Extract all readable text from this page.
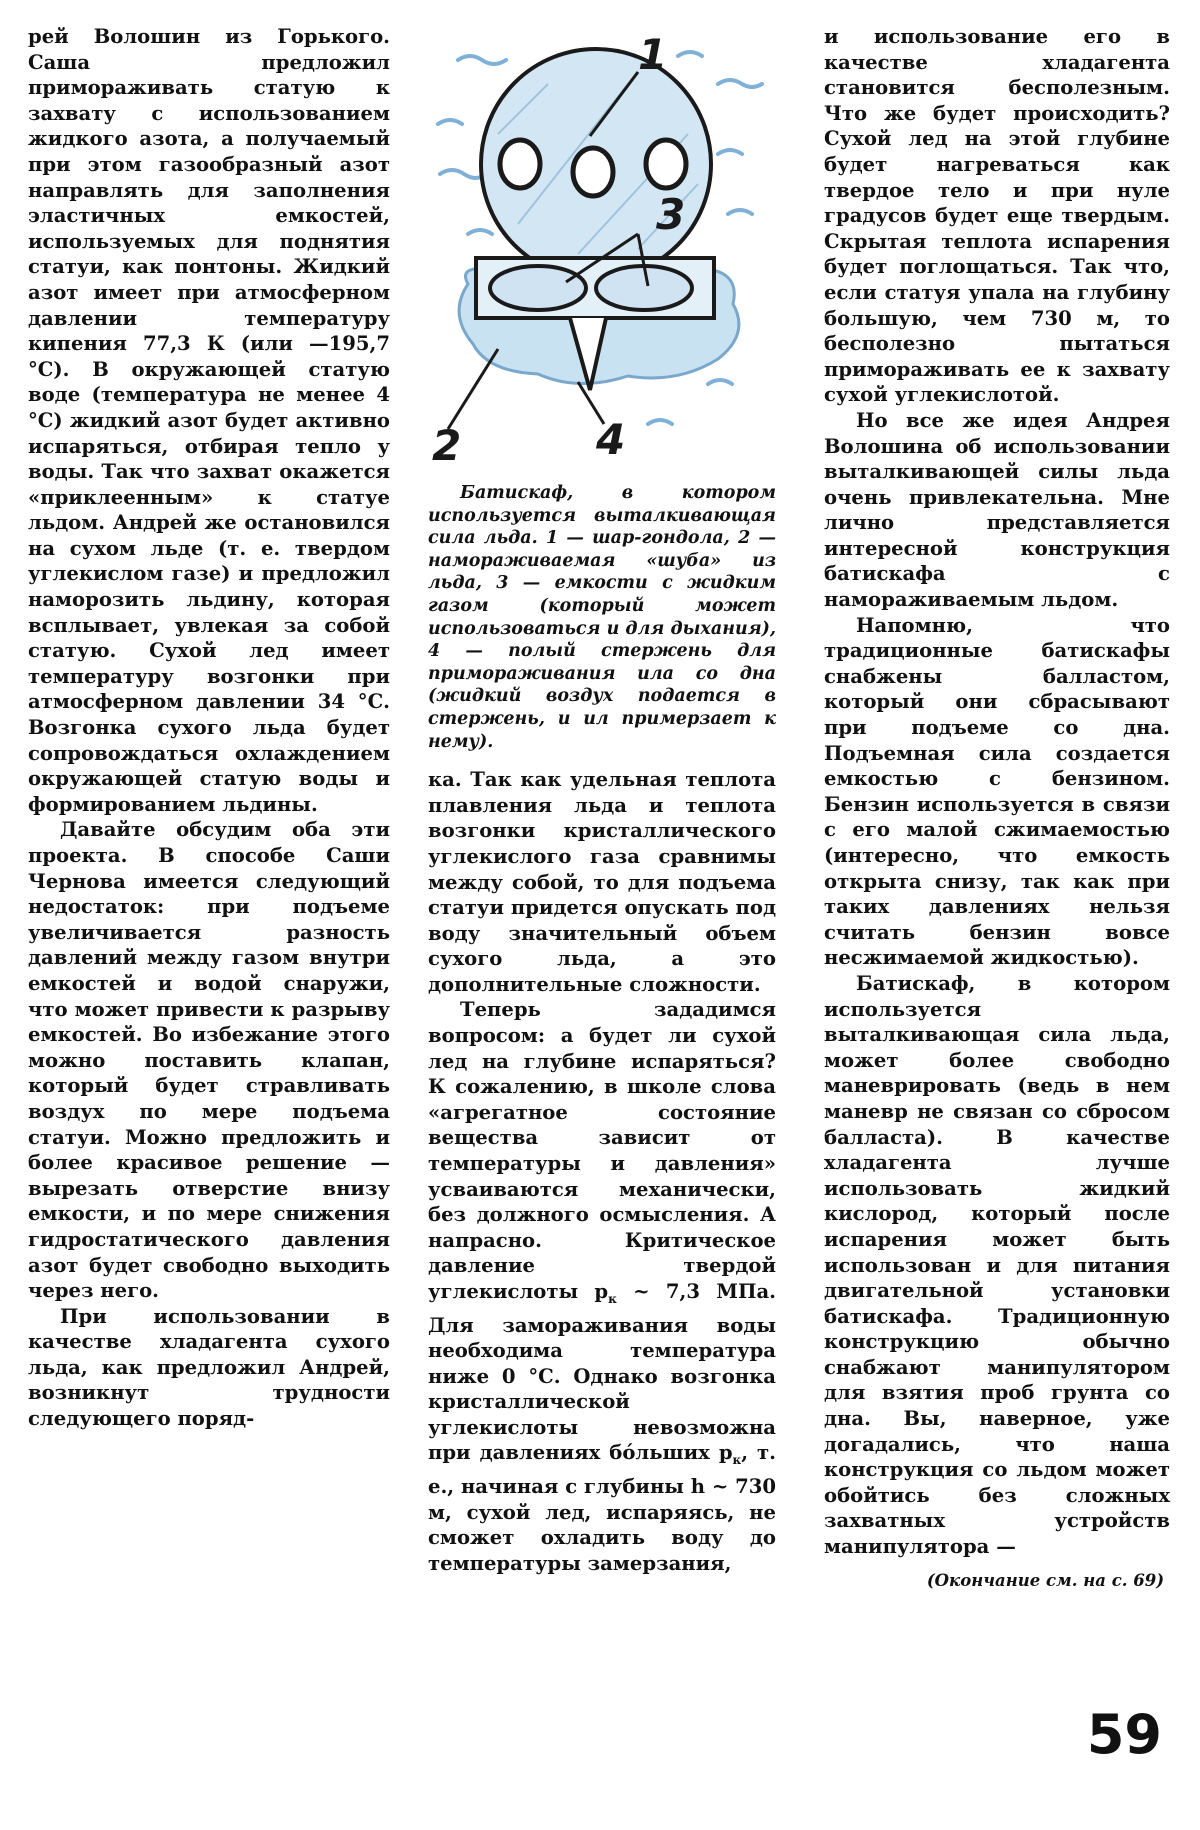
рей Волошин из Горького. Саша предложил примораживать статую к захвату с использованием жидкого азота, а получаемый при этом газообразный азот направлять для заполнения эластичных емкостей, используемых для поднятия статуи, как понтоны. Жидкий азот имеет при атмосферном давлении температуру кипения 77,3 К (или —195,7 °С). В окружающей статую воде (температура не менее 4 °С) жидкий азот будет активно испаряться, отбирая тепло у воды. Так что захват окажется «приклеенным» к статуе льдом. Андрей же остановился на сухом льде (т. е. твердом углекислом газе) и предложил наморозить льдину, которая всплывает, увлекая за собой статую. Сухой лед имеет температуру возгонки при атмосферном давлении 34 °С. Возгонка сухого льда будет сопровождаться охлаждением окружающей статую воды и формированием льдины.

Давайте обсудим оба эти проекта. В способе Саши Чернова имеется следующий недостаток: при подъеме увеличивается разность давлений между газом внутри емкостей и водой снаружи, что может привести к разрыву емкостей. Во избежание этого можно поставить клапан, который будет стравливать воздух по мере подъема статуи. Можно предложить и более красивое решение — вырезать отверстие внизу емкости, и по мере снижения гидростатического давления азот будет свободно выходить через него.

При использовании в качестве хладагента сухого льда, как предложил Андрей, возникнут трудности следующего поряд-

1
3
2	4

Батискаф, в котором используется выталкивающая сила льда. 1 — шар-гондола, 2 — намораживаемая «шуба» из льда, 3 — емкости с жидким газом (который может использоваться и для дыхания), 4 — полый стержень для примораживания ила со дна (жидкий воздух подается в стержень, и ил примерзает к нему).

ка. Так как удельная теплота плавления льда и теплота возгонки кристаллического углекислого газа сравнимы между собой, то для подъема статуи придется опускать под воду значительный объем сухого льда, а это дополнительные сложности.

Теперь зададимся вопросом: а будет ли сухой лед на глубине испаряться? К сожалению, в школе слова «агрегатное состояние вещества зависит от температуры и давления» усваиваются механически, без должного осмысления. А напрасно. Критическое давление твердой углекислоты $p_к$ ~ 7,3 МПа. Для замораживания воды необходима температура ниже 0 °С. Однако возгонка кристаллической углекислоты невозможна при давлениях бóльших $p_к$, т. е., начиная с глубины h ~ 730 м, сухой лед, испаряясь, не сможет охладить воду до температуры замерзания,

и использование его в качестве хладагента становится бесполезным. Что же будет происходить? Сухой лед на этой глубине будет нагреваться как твердое тело и при нуле градусов будет еще твердым. Скрытая теплота испарения будет поглощаться. Так что, если статуя упала на глубину большую, чем 730 м, то бесполезно пытаться примораживать ее к захвату сухой углекислотой.

Но все же идея Андрея Волошина об использовании выталкивающей силы льда очень привлекательна. Мне лично представляется интересной конструкция батискафа с намораживаемым льдом.

Напомню, что традиционные батискафы снабжены балластом, который они сбрасывают при подъеме со дна. Подъемная сила создается емкостью с бензином. Бензин используется в связи с его малой сжимаемостью (интересно, что емкость открыта снизу, так как при таких давлениях нельзя считать бензин вовсе несжимаемой жидкостью).

Батискаф, в котором используется выталкивающая сила льда, может более свободно маневрировать (ведь в нем маневр не связан со сбросом балласта). В качестве хладагента лучше использовать жидкий кислород, который после испарения может быть использован и для питания двигательной установки батискафа. Традиционную конструкцию обычно снабжают манипулятором для взятия проб грунта со дна. Вы, наверное, уже догадались, что наша конструкция со льдом может обойтись без сложных захватных устройств манипулятора —

(Окончание см. на с. 69)
59
